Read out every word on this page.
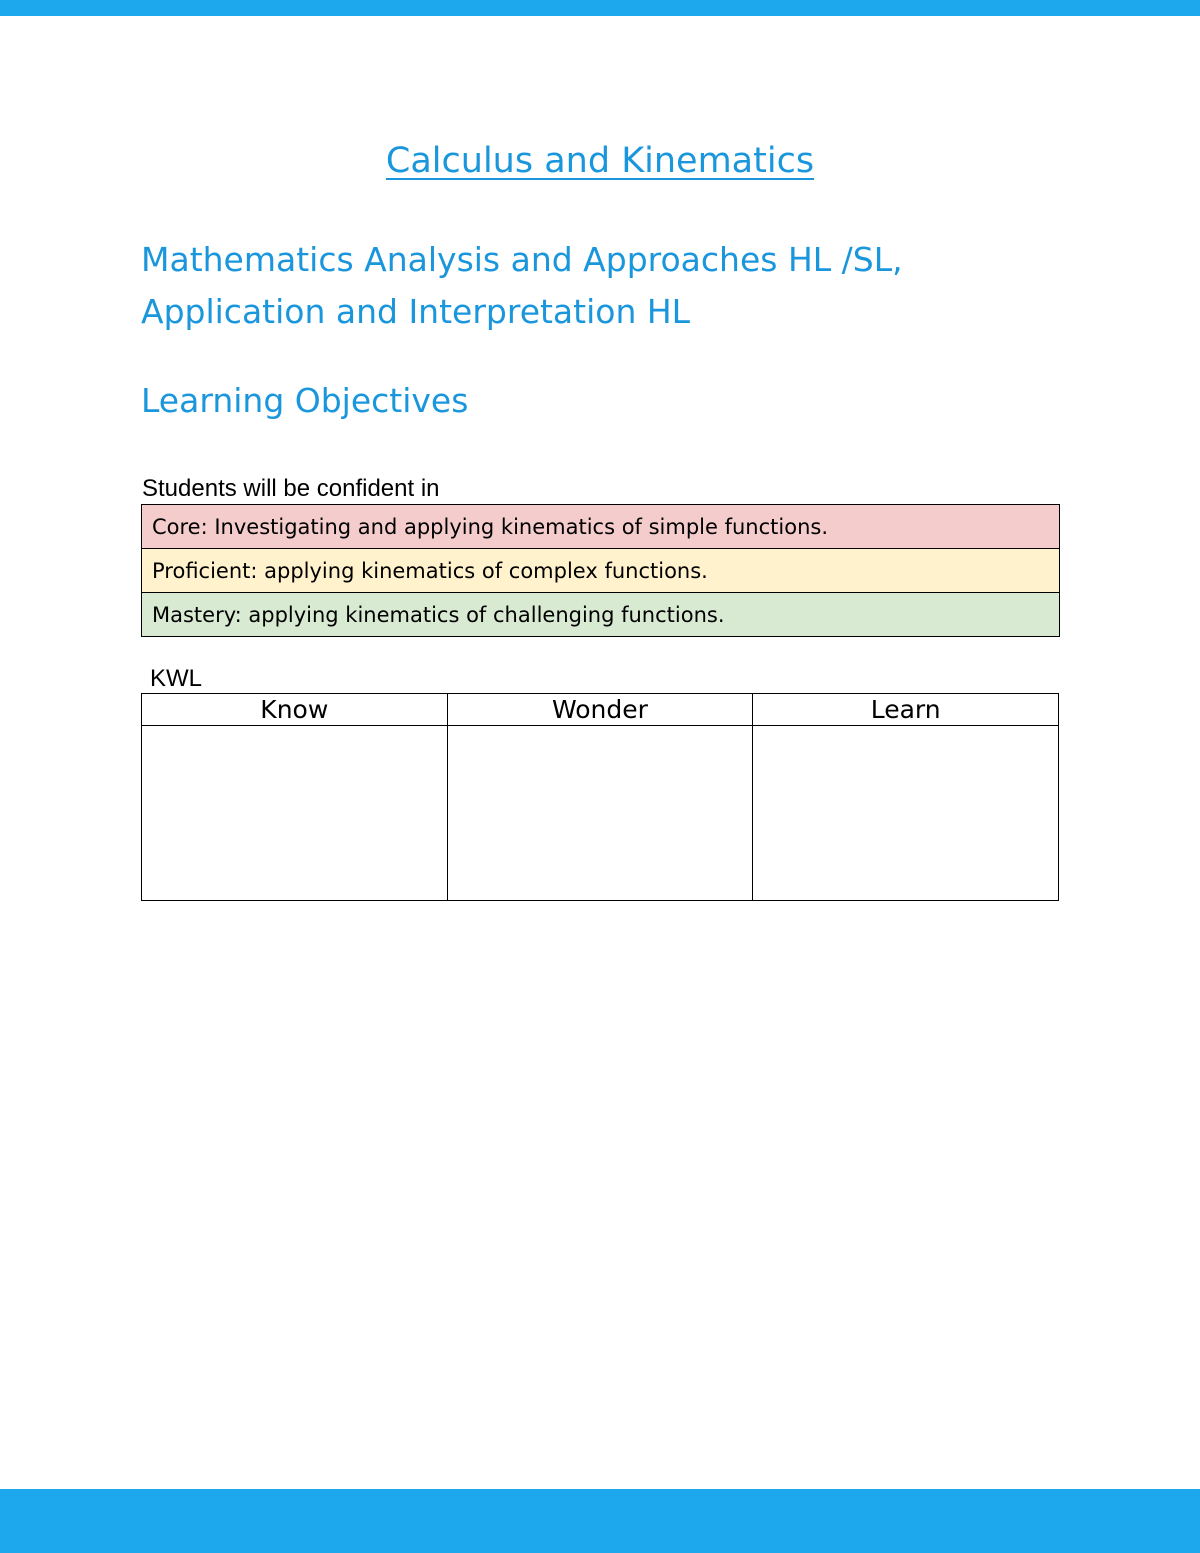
Calculus and Kinematics
Mathematics Analysis and Approaches HL /SL,
Application and Interpretation HL
Learning Objectives
Students will be confident in
Core: Investigating and applying kinematics of simple functions.
Proficient: applying kinematics of complex functions.
Mastery: applying kinematics of challenging functions.
KWL
Know	Wonder	Learn
